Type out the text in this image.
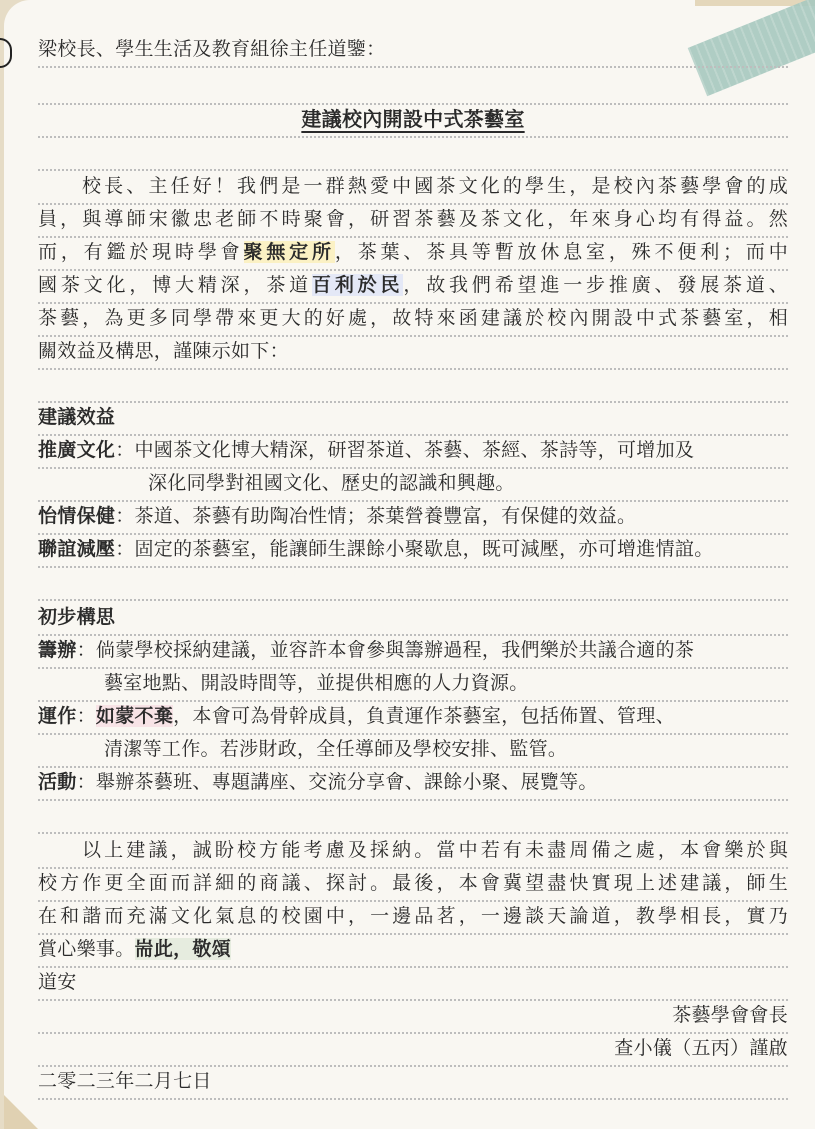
梁校長、學生生活及教育組徐主任道鑒：
建議校內開設中式茶藝室
校長、主任好！我們是一群熱愛中國茶文化的學生，是校內茶藝學會的成
員，與導師宋徽忠老師不時聚會，研習茶藝及茶文化，年來身心均有得益。然
而，有鑑於現時學會聚無定所，茶葉、茶具等暫放休息室，殊不便利；而中
國茶文化，博大精深，茶道百利於民，故我們希望進一步推廣、發展茶道、
茶藝，為更多同學帶來更大的好處，故特來函建議於校內開設中式茶藝室，相
關效益及構思，謹陳示如下：
建議效益
推廣文化：中國茶文化博大精深，研習茶道、茶藝、茶經、茶詩等，可增加及
深化同學對祖國文化、歷史的認識和興趣。
怡情保健：茶道、茶藝有助陶冶性情；茶葉營養豐富，有保健的效益。
聯誼減壓：固定的茶藝室，能讓師生課餘小聚歇息，既可減壓，亦可增進情誼。
初步構思
籌辦：倘蒙學校採納建議，並容許本會參與籌辦過程，我們樂於共議合適的茶
藝室地點、開設時間等，並提供相應的人力資源。
運作：如蒙不棄，本會可為骨幹成員，負責運作茶藝室，包括佈置、管理、
清潔等工作。若涉財政，全任導師及學校安排、監管。
活動：舉辦茶藝班、專題講座、交流分享會、課餘小聚、展覽等。
以上建議，誠盼校方能考慮及採納。當中若有未盡周備之處，本會樂於與
校方作更全面而詳細的商議、探討。最後，本會冀望盡快實現上述建議，師生
在和諧而充滿文化氣息的校園中，一邊品茗，一邊談天論道，教學相長，實乃
賞心樂事。耑此，敬頌
道安
茶藝學會會長
查小儀（五丙）謹啟
二零二三年二月七日
